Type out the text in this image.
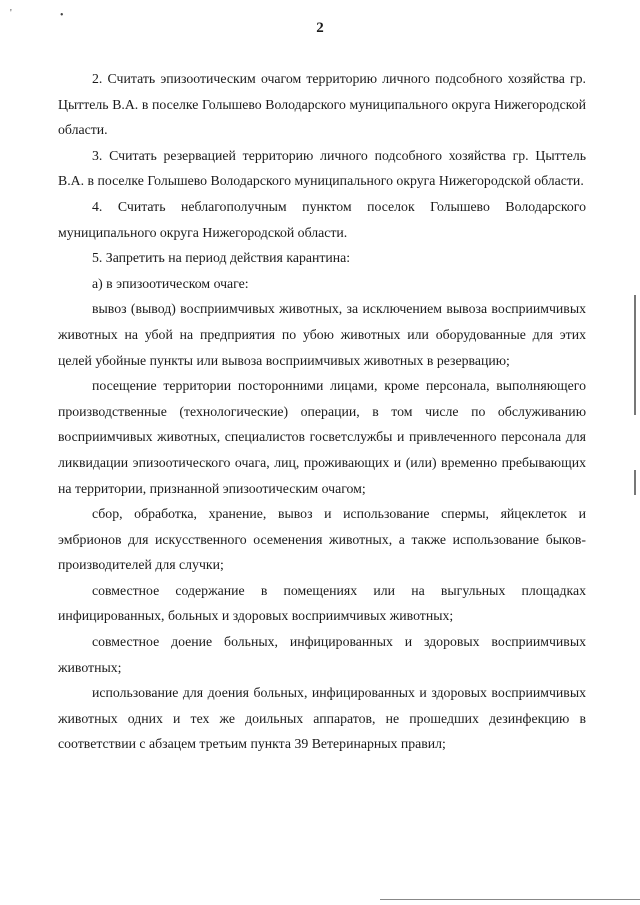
'	•
2

2. Считать эпизоотическим очагом территорию личного подсобного хозяйства гр. Цыттель В.А. в поселке Голышево Володарского муниципального округа Нижегородской области.

3. Считать резервацией территорию личного подсобного хозяйства гр. Цыттель В.А. в поселке Голышево Володарского муниципального округа Нижегородской области.

4. Считать неблагополучным пунктом поселок Голышево Володарского муниципального округа Нижегородской области.

5. Запретить на период действия карантина:

а) в эпизоотическом очаге:

вывоз (вывод) восприимчивых животных, за исключением вывоза восприимчивых животных на убой на предприятия по убою животных или оборудованные для этих целей убойные пункты или вывоза восприимчивых животных в резервацию;

посещение территории посторонними лицами, кроме персонала, выполняющего производственные (технологические) операции, в том числе по обслуживанию восприимчивых животных, специалистов госветслужбы и привлеченного персонала для ликвидации эпизоотического очага, лиц, проживающих и (или) временно пребывающих на территории, признанной эпизоотическим очагом;

сбор, обработка, хранение, вывоз и использование спермы, яйцеклеток и эмбрионов для искусственного осеменения животных, а также использование быков-производителей для случки;

совместное содержание в помещениях или на выгульных площадках инфицированных, больных и здоровых восприимчивых животных;

совместное доение больных, инфицированных и здоровых восприимчивых животных;

использование для доения больных, инфицированных и здоровых восприимчивых животных одних и тех же доильных аппаратов, не прошедших дезинфекцию в соответствии с абзацем третьим пункта 39 Ветеринарных правил;
